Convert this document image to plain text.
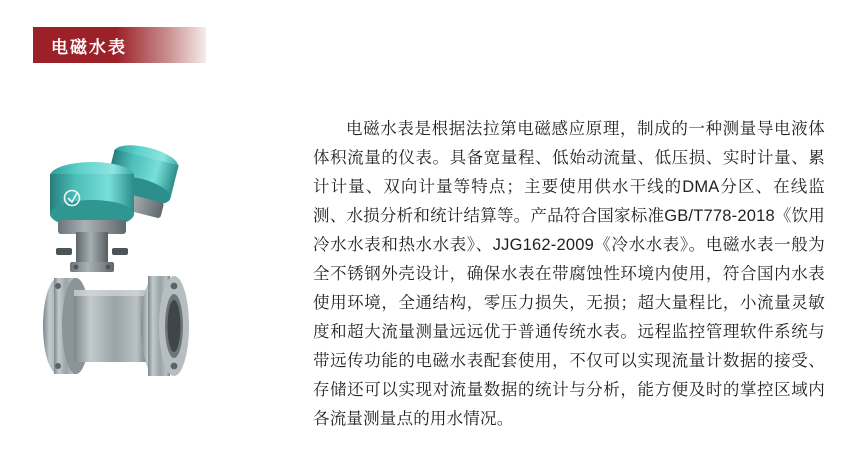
电磁水表

电磁水表是根据法拉第电磁感应原理，制成的一种测量导电液体体积流量的仪表。具备宽量程、低始动流量、低压损、实时计量、累计计量、双向计量等特点；主要使用供水干线的DMA分区、在线监测、水损分析和统计结算等。产品符合国家标准GB/T778-2018《饮用冷水水表和热水水表》、JJG162-2009《冷水水表》。电磁水表一般为全不锈钢外壳设计，确保水表在带腐蚀性环境内使用，符合国内水表使用环境，全通结构，零压力损失，无损；超大量程比，小流量灵敏度和超大流量测量远远优于普通传统水表。远程监控管理软件系统与带远传功能的电磁水表配套使用，不仅可以实现流量计数据的接受、存储还可以实现对流量数据的统计与分析，能方便及时的掌控区域内各流量测量点的用水情况。
